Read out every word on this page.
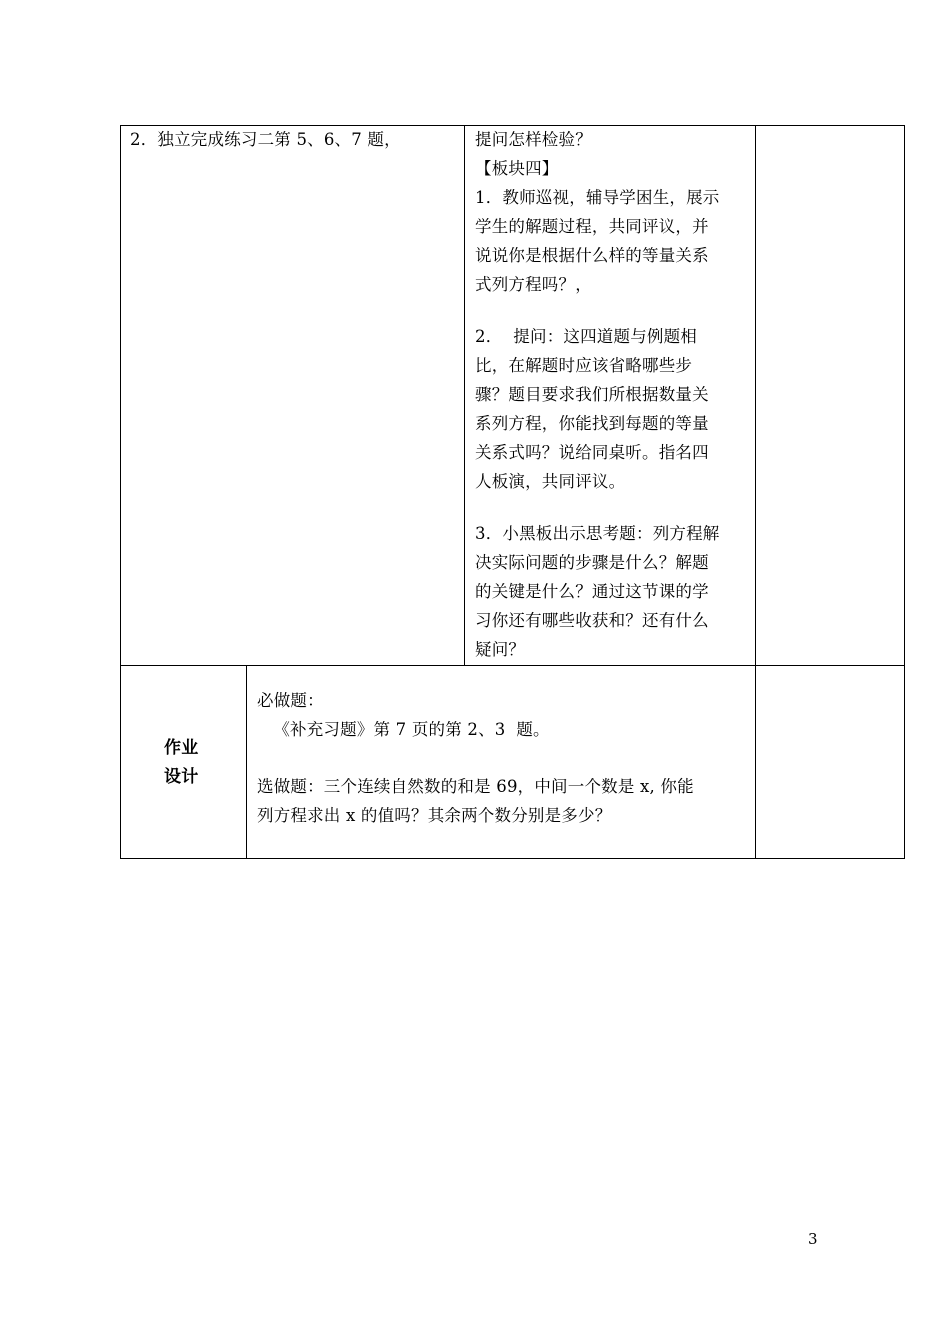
2．独立完成练习二第 5、6、7 题，	提问怎样检验？
【板块四】
1．教师巡视，辅导学困生，展示
学生的解题过程，共同评议，并
说说你是根据什么样的等量关系
式列方程吗？，
2．  提问：这四道题与例题相
比，在解题时应该省略哪些步
骤？题目要求我们所根据数量关
系列方程，你能找到每题的等量
关系式吗？说给同桌听。指名四
人板演，共同评议。
3．小黑板出示思考题：列方程解
决实际问题的步骤是什么？解题
的关键是什么？通过这节课的学
习你还有哪些收获和？还有什么
疑问？
作业
设计
必做题：
《补充习题》第 7 页的第 2、3  题。
选做题：三个连续自然数的和是 69，中间一个数是 x, 你能
列方程求出 x 的值吗？其余两个数分别是多少？
3
